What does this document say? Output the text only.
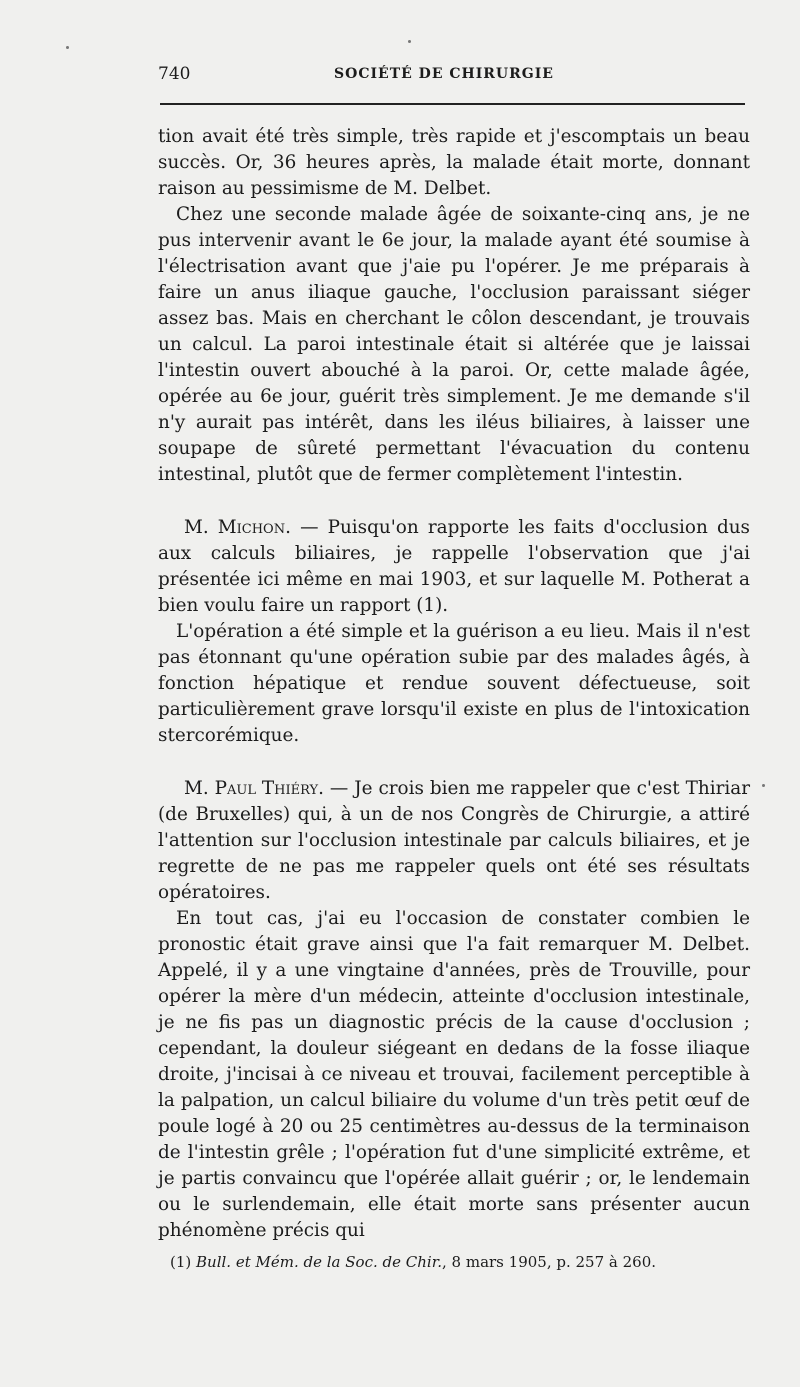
740	SOCIÉTÉ DE CHIRURGIE

tion avait été très simple, très rapide et j'escomptais un beau succès. Or, 36 heures après, la malade était morte, donnant raison au pessimisme de M. Delbet.

Chez une seconde malade âgée de soixante-cinq ans, je ne pus intervenir avant le 6e jour, la malade ayant été soumise à l'électrisation avant que j'aie pu l'opérer. Je me préparais à faire un anus iliaque gauche, l'occlusion paraissant siéger assez bas. Mais en cherchant le côlon descendant, je trouvais un calcul. La paroi intestinale était si altérée que je laissai l'intestin ouvert abouché à la paroi. Or, cette malade âgée, opérée au 6e jour, guérit très simplement. Je me demande s'il n'y aurait pas intérêt, dans les iléus biliaires, à laisser une soupape de sûreté permettant l'évacuation du contenu intestinal, plutôt que de fermer complètement l'intestin.

M. Michon. — Puisqu'on rapporte les faits d'occlusion dus aux calculs biliaires, je rappelle l'observation que j'ai présentée ici même en mai 1903, et sur laquelle M. Potherat a bien voulu faire un rapport (1).

L'opération a été simple et la guérison a eu lieu. Mais il n'est pas étonnant qu'une opération subie par des malades âgés, à fonction hépatique et rendue souvent défectueuse, soit particulièrement grave lorsqu'il existe en plus de l'intoxication stercorémique.

M. Paul Thiéry. — Je crois bien me rappeler que c'est Thiriar (de Bruxelles) qui, à un de nos Congrès de Chirurgie, a attiré l'attention sur l'occlusion intestinale par calculs biliaires, et je regrette de ne pas me rappeler quels ont été ses résultats opératoires.

En tout cas, j'ai eu l'occasion de constater combien le pronostic était grave ainsi que l'a fait remarquer M. Delbet. Appelé, il y a une vingtaine d'années, près de Trouville, pour opérer la mère d'un médecin, atteinte d'occlusion intestinale, je ne fis pas un diagnostic précis de la cause d'occlusion ; cependant, la douleur siégeant en dedans de la fosse iliaque droite, j'incisai à ce niveau et trouvai, facilement perceptible à la palpation, un calcul biliaire du volume d'un très petit œuf de poule logé à 20 ou 25 centimètres au-dessus de la terminaison de l'intestin grêle ; l'opération fut d'une simplicité extrême, et je partis convaincu que l'opérée allait guérir ; or, le lendemain ou le surlendemain, elle était morte sans présenter aucun phénomène précis qui

(1) Bull. et Mém. de la Soc. de Chir., 8 mars 1905, p. 257 à 260.
